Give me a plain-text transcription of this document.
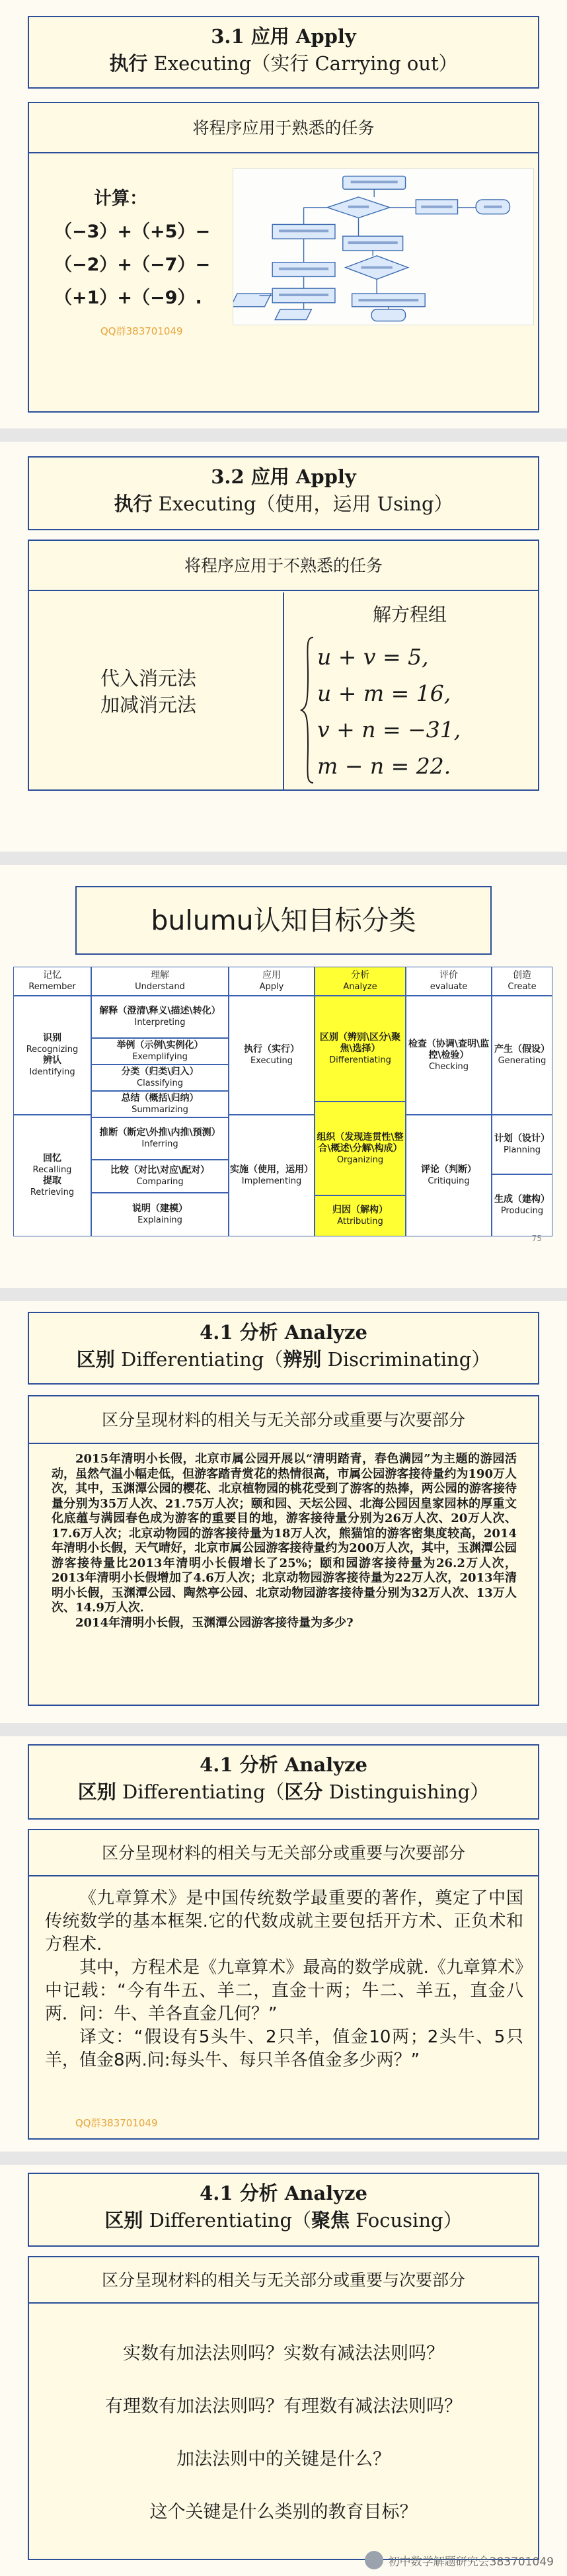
3.1 应用 Apply
执行 Executing（实行 Carrying out）
将程序应用于熟悉的任务
计算：
（−3）+（+5）−
（−2）+（−7）−
（+1）+（−9）.
QQ群383701049
3.2 应用 Apply
执行 Executing（使用，运用 Using）
将程序应用于不熟悉的任务
代入消元法
加减消元法
解方程组
u + v = 5,
u + m = 16,
v + n = −31,
m − n = 22.
bulumu认知目标分类
记忆
Remember
理解
Understand
应用
Apply
分析
Analyze
评价
evaluate
创造
Create
识别
Recognizing
辨认
Identifying
回忆
Recalling
提取
Retrieving
解释（澄清\释义\描述\转化）
Interpreting
举例（示例\实例化）
Exemplifying
分类（归类\归入）
Classifying
总结（概括\归纳）
Summarizing
推断（断定\外推\内推\预测）
Inferring
比较（对比\对应\配对）
Comparing
说明（建模）
Explaining
执行（实行）
Executing
实施（使用，运用）
Implementing
区别（辨别\区分\聚焦\选择）
Differentiating
组织（发现连贯性\整合\概述\分解\构成）
Organizing
归因（解构）
Attributing
检查（协调\查明\监控\检验）
Checking
评论（判断）
Critiquing
产生（假设）
Generating
计划（设计）
Planning
生成（建构）
Producing
75
4.1 分析 Analyze
区别 Differentiating（辨别 Discriminating）
区分呈现材料的相关与无关部分或重要与次要部分

2015年清明小长假，北京市属公园开展以“清明踏青，春色满园”为主题的游园活动，虽然气温小幅走低，但游客踏青赏花的热情很高，市属公园游客接待量约为190万人次，其中，玉渊潭公园的樱花、北京植物园的桃花受到了游客的热捧，两公园的游客接待量分别为35万人次、21.75万人次；颐和园、天坛公园、北海公园因皇家园林的厚重文化底蕴与满园春色成为游客的重要目的地，游客接待量分别为26万人次、20万人次、17.6万人次；北京动物园的游客接待量为18万人次，熊猫馆的游客密集度较高，2014年清明小长假，天气晴好，北京市属公园游客接待量约为200万人次，其中，玉渊潭公园游客接待量比2013年清明小长假增长了25%；颐和园游客接待量为26.2万人次，2013年清明小长假增加了4.6万人次；北京动物园游客接待量为22万人次，2013年清明小长假，玉渊潭公园、陶然亭公园、北京动物园游客接待量分别为32万人次、13万人次、14.9万人次．

2014年清明小长假，玉渊潭公园游客接待量为多少?

4.1 分析 Analyze
区别 Differentiating（区分 Distinguishing）
区分呈现材料的相关与无关部分或重要与次要部分

《九章算术》是中国传统数学最重要的著作，奠定了中国传统数学的基本框架.它的代数成就主要包括开方术、正负术和方程术.

其中，方程术是《九章算术》最高的数学成就.《九章算术》中记载：“今有牛五、羊二，直金十两；牛二、羊五，直金八两．问：牛、羊各直金几何？”

译文：“假设有5头牛、2只羊，值金10两；2头牛、5只羊，值金8两.问:每头牛、每只羊各值金多少两？”

QQ群383701049
4.1 分析 Analyze
区别 Differentiating（聚焦 Focusing）
区分呈现材料的相关与无关部分或重要与次要部分
实数有加法法则吗？实数有减法法则吗？
有理数有加法法则吗？有理数有减法法则吗？
加法法则中的关键是什么？
这个关键是什么类别的教育目标？
初中数学解题研究会383701049
